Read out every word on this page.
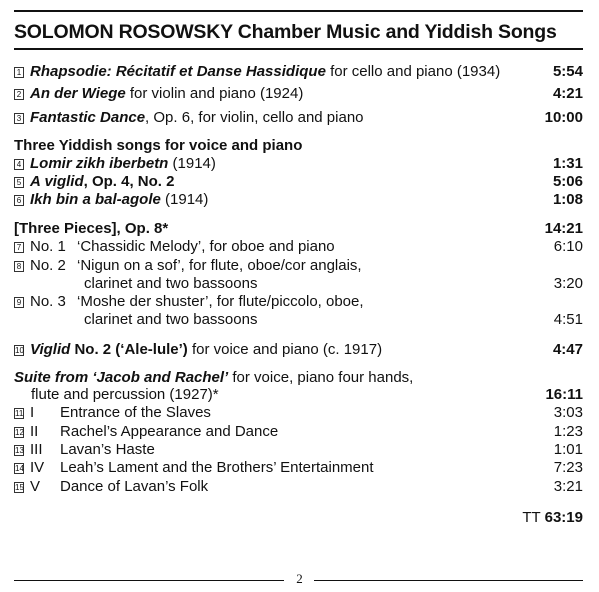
SOLOMON ROSOWSKY Chamber Music and Yiddish Songs
1 Rhapsodie: Récitatif et Danse Hassidique for cello and piano (1934)	5:54
2 An der Wiege for violin and piano (1924)	4:21
3 Fantastic Dance, Op. 6, for violin, cello and piano	10:00
Three Yiddish songs for voice and piano
4 Lomir zikh iberbetn (1914)	1:31
5 A viglid, Op. 4, No. 2	5:06
6 Ikh bin a bal-agole (1914)	1:08
[Three Pieces], Op. 8*	14:21
7 No. 1 ‘Chassidic Melody’, for oboe and piano	6:10
8 No. 2 ‘Nigun on a sof’, for flute, oboe/cor anglais,
clarinet and two bassoons	3:20
9 No. 3 ‘Moshe der shuster’, for flute/piccolo, oboe,
clarinet and two bassoons	4:51
10 Viglid No. 2 (‘Ale-lule’) for voice and piano (c. 1917)	4:47
Suite from ‘Jacob and Rachel’ for voice, piano four hands,
flute and percussion (1927)*	16:11
11 I Entrance of the Slaves	3:03
12 II Rachel’s Appearance and Dance	1:23
13 III Lavan’s Haste	1:01
14 IV Leah’s Lament and the Brothers’ Entertainment	7:23
15 V Dance of Lavan’s Folk	3:21
TT 63:19
2
